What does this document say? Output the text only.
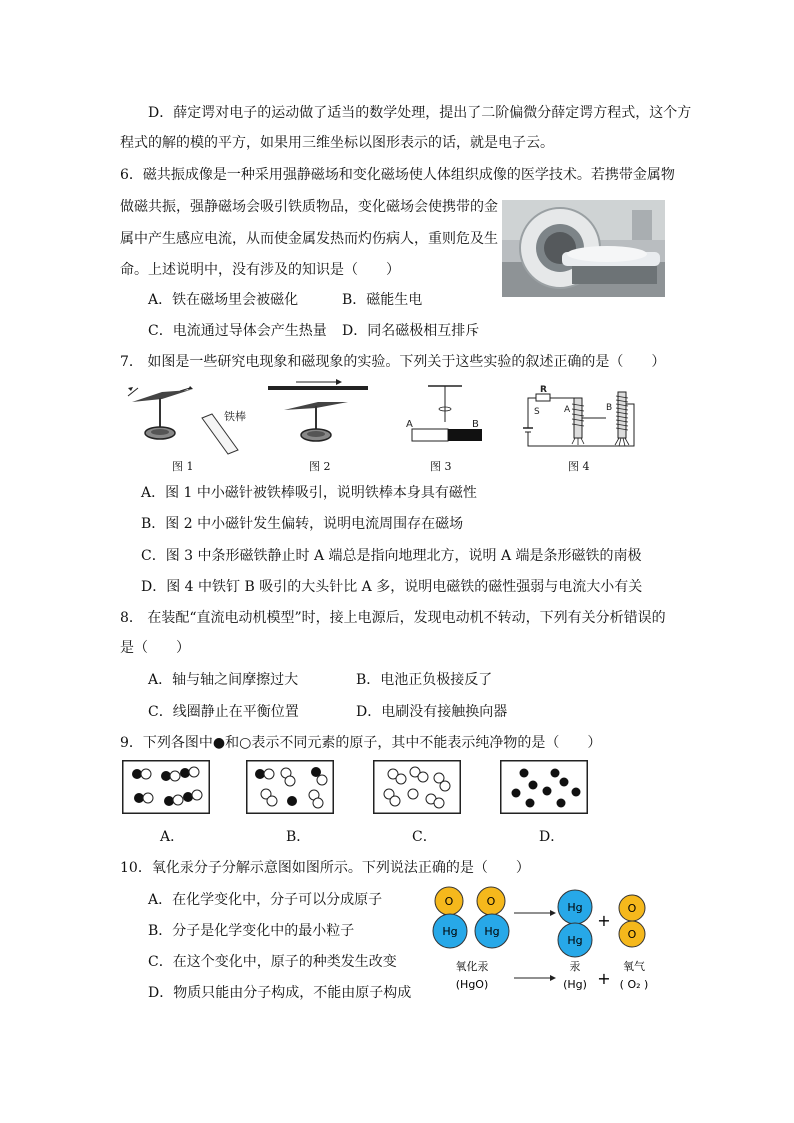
D．薛定谔对电子的运动做了适当的数学处理，提出了二阶偏微分薛定谔方程式，这个方
程式的解的模的平方，如果用三维坐标以图形表示的话，就是电子云。
6．磁共振成像是一种采用强静磁场和变化磁场使人体组织成像的医学技术。若携带金属物
做磁共振，强静磁场会吸引铁质物品，变化磁场会使携带的金
属中产生感应电流，从而使金属发热而灼伤病人，重则危及生
命。上述说明中，没有涉及的知识是（　　）
A．铁在磁场里会被磁化	B．磁能生电
C．电流通过导体会产生热量 D．同名磁极相互排斥
7． 如图是一些研究电现象和磁现象的实验。下列关于这些实验的叙述正确的是（　　）
铁棒
图 1	图 2
A	B
图 3
R
S	A	B
图 4
A．图 1 中小磁针被铁棒吸引，说明铁棒本身具有磁性
B．图 2 中小磁针发生偏转，说明电流周围存在磁场
C．图 3 中条形磁铁静止时 A 端总是指向地理北方，说明 A 端是条形磁铁的南极
D．图 4 中铁钉 B 吸引的大头针比 A 多，说明电磁铁的磁性强弱与电流大小有关
8． 在装配“直流电动机模型”时，接上电源后，发现电动机不转动，下列有关分析错误的
是（　　）
A．轴与轴之间摩擦过大	B．电池正负极接反了
C．线圈静止在平衡位置	D．电刷没有接触换向器
9．下列各图中●和○表示不同元素的原子，其中不能表示纯净物的是（　　）
A．	B．	C．	D．
10．氧化汞分子分解示意图如图所示。下列说法正确的是（　　）
A．在化学变化中，分子可以分成原子
B．分子是化学变化中的最小粒子
C．在这个变化中，原子的种类发生改变
D．物质只能由分子构成，不能由原子构成
O	O
Hg Hg
Hg
Hg
+
O
O
氧化汞
(HgO)
汞
(Hg) +
氧气
( O₂ )
